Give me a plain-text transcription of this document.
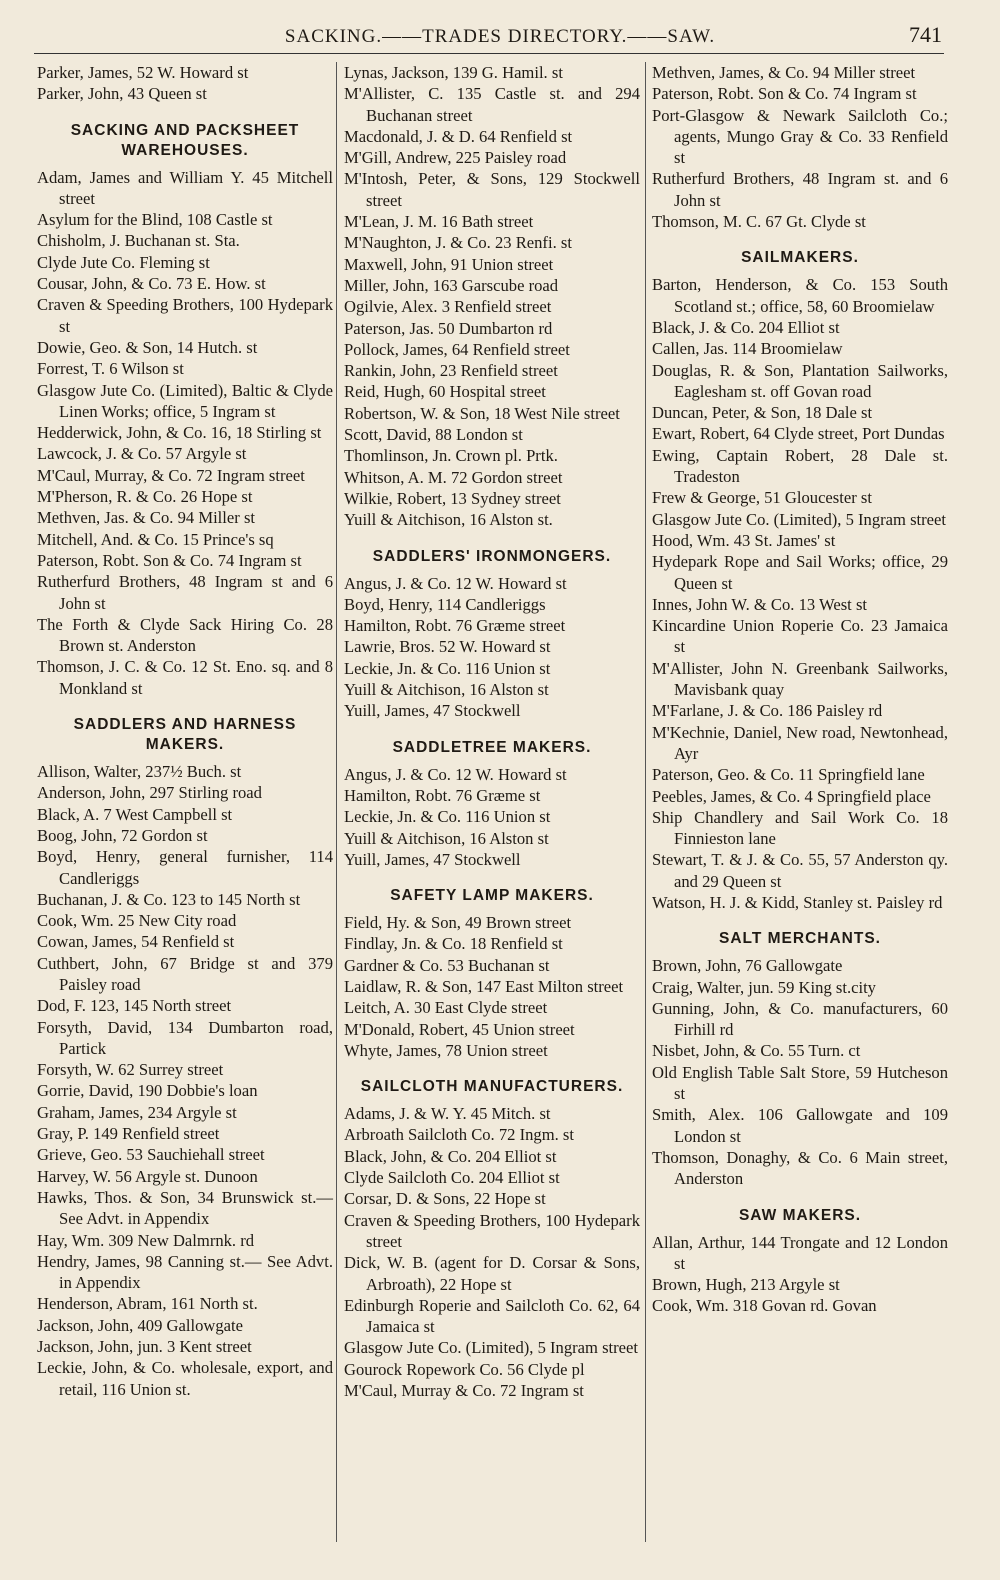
SACKING.——TRADES DIRECTORY.——SAW.	741
Parker, James, 52 W. Howard st
Parker, John, 43 Queen st
SACKING AND PACKSHEET WAREHOUSES.
Adam, James and William Y. 45 Mitchell street
Asylum for the Blind, 108 Castle st
Chisholm, J. Buchanan st. Sta.
Clyde Jute Co. Fleming st
Cousar, John, & Co. 73 E. How. st
Craven & Speeding Brothers, 100 Hydepark st
Dowie, Geo. & Son, 14 Hutch. st
Forrest, T. 6 Wilson st
Glasgow Jute Co. (Limited), Baltic & Clyde Linen Works; office, 5 Ingram st
Hedderwick, John, & Co. 16, 18 Stirling st
Lawcock, J. & Co. 57 Argyle st
M'Caul, Murray, & Co. 72 Ingram street
M'Pherson, R. & Co. 26 Hope st
Methven, Jas. & Co. 94 Miller st
Mitchell, And. & Co. 15 Prince's sq
Paterson, Robt. Son & Co. 74 Ingram st
Rutherfurd Brothers, 48 Ingram st and 6 John st
The Forth & Clyde Sack Hiring Co. 28 Brown st. Anderston
Thomson, J. C. & Co. 12 St. Eno. sq. and 8 Monkland st
SADDLERS AND HARNESS MAKERS.
Allison, Walter, 237½ Buch. st
Anderson, John, 297 Stirling road
Black, A. 7 West Campbell st
Boog, John, 72 Gordon st
Boyd, Henry, general furnisher, 114 Candleriggs
Buchanan, J. & Co. 123 to 145 North st
Cook, Wm. 25 New City road
Cowan, James, 54 Renfield st
Cuthbert, John, 67 Bridge st and 379 Paisley road
Dod, F. 123, 145 North street
Forsyth, David, 134 Dumbarton road, Partick
Forsyth, W. 62 Surrey street
Gorrie, David, 190 Dobbie's loan
Graham, James, 234 Argyle st
Gray, P. 149 Renfield street
Grieve, Geo. 53 Sauchiehall street
Harvey, W. 56 Argyle st. Dunoon
Hawks, Thos. & Son, 34 Brunswick st.—See Advt. in Appendix
Hay, Wm. 309 New Dalmrnk. rd
Hendry, James, 98 Canning st.— See Advt. in Appendix
Henderson, Abram, 161 North st.
Jackson, John, 409 Gallowgate
Jackson, John, jun. 3 Kent street
Leckie, John, & Co. wholesale, export, and retail, 116 Union st.
Lynas, Jackson, 139 G. Hamil. st
M'Allister, C. 135 Castle st. and 294 Buchanan street
Macdonald, J. & D. 64 Renfield st
M'Gill, Andrew, 225 Paisley road
M'Intosh, Peter, & Sons, 129 Stockwell street
M'Lean, J. M. 16 Bath street
M'Naughton, J. & Co. 23 Renfi. st
Maxwell, John, 91 Union street
Miller, John, 163 Garscube road
Ogilvie, Alex. 3 Renfield street
Paterson, Jas. 50 Dumbarton rd
Pollock, James, 64 Renfield street
Rankin, John, 23 Renfield street
Reid, Hugh, 60 Hospital street
Robertson, W. & Son, 18 West Nile street
Scott, David, 88 London st
Thomlinson, Jn. Crown pl. Prtk.
Whitson, A. M. 72 Gordon street
Wilkie, Robert, 13 Sydney street
Yuill & Aitchison, 16 Alston st.
SADDLERS' IRONMONGERS.
Angus, J. & Co. 12 W. Howard st
Boyd, Henry, 114 Candleriggs
Hamilton, Robt. 76 Græme street
Lawrie, Bros. 52 W. Howard st
Leckie, Jn. & Co. 116 Union st
Yuill & Aitchison, 16 Alston st
Yuill, James, 47 Stockwell
SADDLETREE MAKERS.
Angus, J. & Co. 12 W. Howard st
Hamilton, Robt. 76 Græme st
Leckie, Jn. & Co. 116 Union st
Yuill & Aitchison, 16 Alston st
Yuill, James, 47 Stockwell
SAFETY LAMP MAKERS.
Field, Hy. & Son, 49 Brown street
Findlay, Jn. & Co. 18 Renfield st
Gardner & Co. 53 Buchanan st
Laidlaw, R. & Son, 147 East Milton street
Leitch, A. 30 East Clyde street
M'Donald, Robert, 45 Union street
Whyte, James, 78 Union street
SAILCLOTH MANUFACTURERS.
Adams, J. & W. Y. 45 Mitch. st
Arbroath Sailcloth Co. 72 Ingm. st
Black, John, & Co. 204 Elliot st
Clyde Sailcloth Co. 204 Elliot st
Corsar, D. & Sons, 22 Hope st
Craven & Speeding Brothers, 100 Hydepark street
Dick, W. B. (agent for D. Corsar & Sons, Arbroath), 22 Hope st
Edinburgh Roperie and Sailcloth Co. 62, 64 Jamaica st
Glasgow Jute Co. (Limited), 5 Ingram street
Gourock Ropework Co. 56 Clyde pl
M'Caul, Murray & Co. 72 Ingram st
Methven, James, & Co. 94 Miller street
Paterson, Robt. Son & Co. 74 Ingram st
Port-Glasgow & Newark Sailcloth Co.; agents, Mungo Gray & Co. 33 Renfield st
Rutherfurd Brothers, 48 Ingram st. and 6 John st
Thomson, M. C. 67 Gt. Clyde st
SAILMAKERS.
Barton, Henderson, & Co. 153 South Scotland st.; office, 58, 60 Broomielaw
Black, J. & Co. 204 Elliot st
Callen, Jas. 114 Broomielaw
Douglas, R. & Son, Plantation Sailworks, Eaglesham st. off Govan road
Duncan, Peter, & Son, 18 Dale st
Ewart, Robert, 64 Clyde street, Port Dundas
Ewing, Captain Robert, 28 Dale st. Tradeston
Frew & George, 51 Gloucester st
Glasgow Jute Co. (Limited), 5 Ingram street
Hood, Wm. 43 St. James' st
Hydepark Rope and Sail Works; office, 29 Queen st
Innes, John W. & Co. 13 West st
Kincardine Union Roperie Co. 23 Jamaica st
M'Allister, John N. Greenbank Sailworks, Mavisbank quay
M'Farlane, J. & Co. 186 Paisley rd
M'Kechnie, Daniel, New road, Newtonhead, Ayr
Paterson, Geo. & Co. 11 Springfield lane
Peebles, James, & Co. 4 Springfield place
Ship Chandlery and Sail Work Co. 18 Finnieston lane
Stewart, T. & J. & Co. 55, 57 Anderston qy. and 29 Queen st
Watson, H. J. & Kidd, Stanley st. Paisley rd
SALT MERCHANTS.
Brown, John, 76 Gallowgate
Craig, Walter, jun. 59 King st.city
Gunning, John, & Co. manufacturers, 60 Firhill rd
Nisbet, John, & Co. 55 Turn. ct
Old English Table Salt Store, 59 Hutcheson st
Smith, Alex. 106 Gallowgate and 109 London st
Thomson, Donaghy, & Co. 6 Main street, Anderston
SAW MAKERS.
Allan, Arthur, 144 Trongate and 12 London st
Brown, Hugh, 213 Argyle st
Cook, Wm. 318 Govan rd. Govan
